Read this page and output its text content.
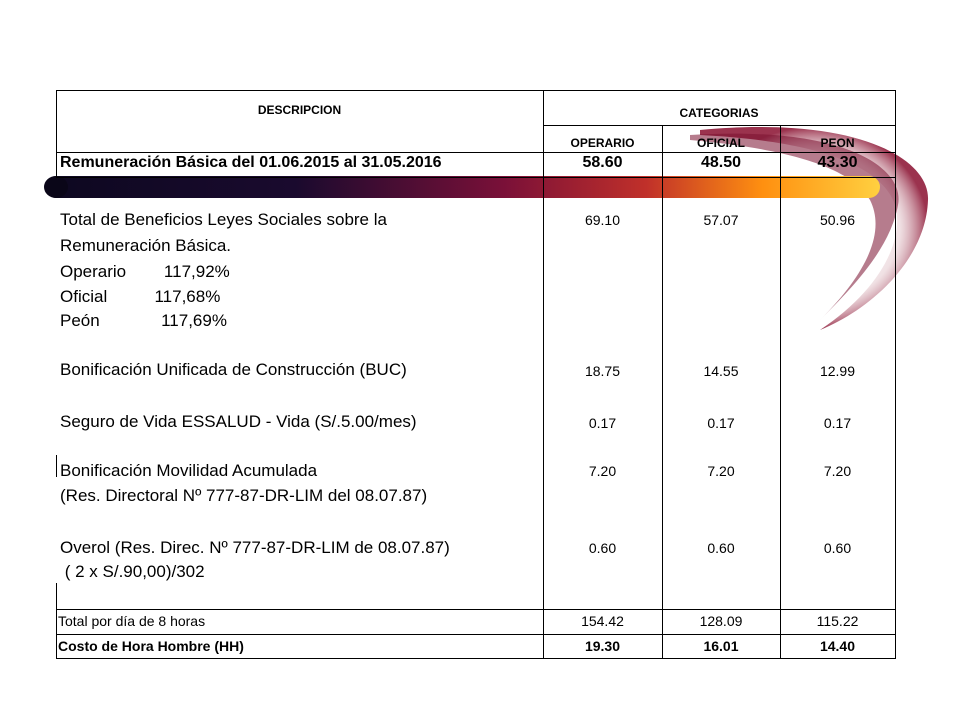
DESCRIPCION	CATEGORIAS
OPERARIO	OFICIAL	PEON
Remuneración Básica del 01.06.2015 al 31.05.2016	58.60	48.50	43.30
Total de Beneficios Leyes Sociales sobre la
Remuneración Básica.
Operario        117,92%
Oficial          117,68%
Peón             117,69%
69.10	57.07	50.96
Bonificación Unificada de Construcción (BUC)	18.75	14.55	12.99
Seguro de Vida ESSALUD - Vida (S/.5.00/mes)	0.17	0.17	0.17
Bonificación Movilidad Acumulada
(Res. Directoral Nº 777-87-DR-LIM del 08.07.87)
7.20	7.20	7.20
Overol (Res. Direc. Nº 777-87-DR-LIM de 08.07.87)
( 2 x S/.90,00)/302
0.60	0.60	0.60
Total por día de 8 horas	154.42	128.09	115.22
Costo de Hora Hombre (HH)	19.30	16.01	14.40
